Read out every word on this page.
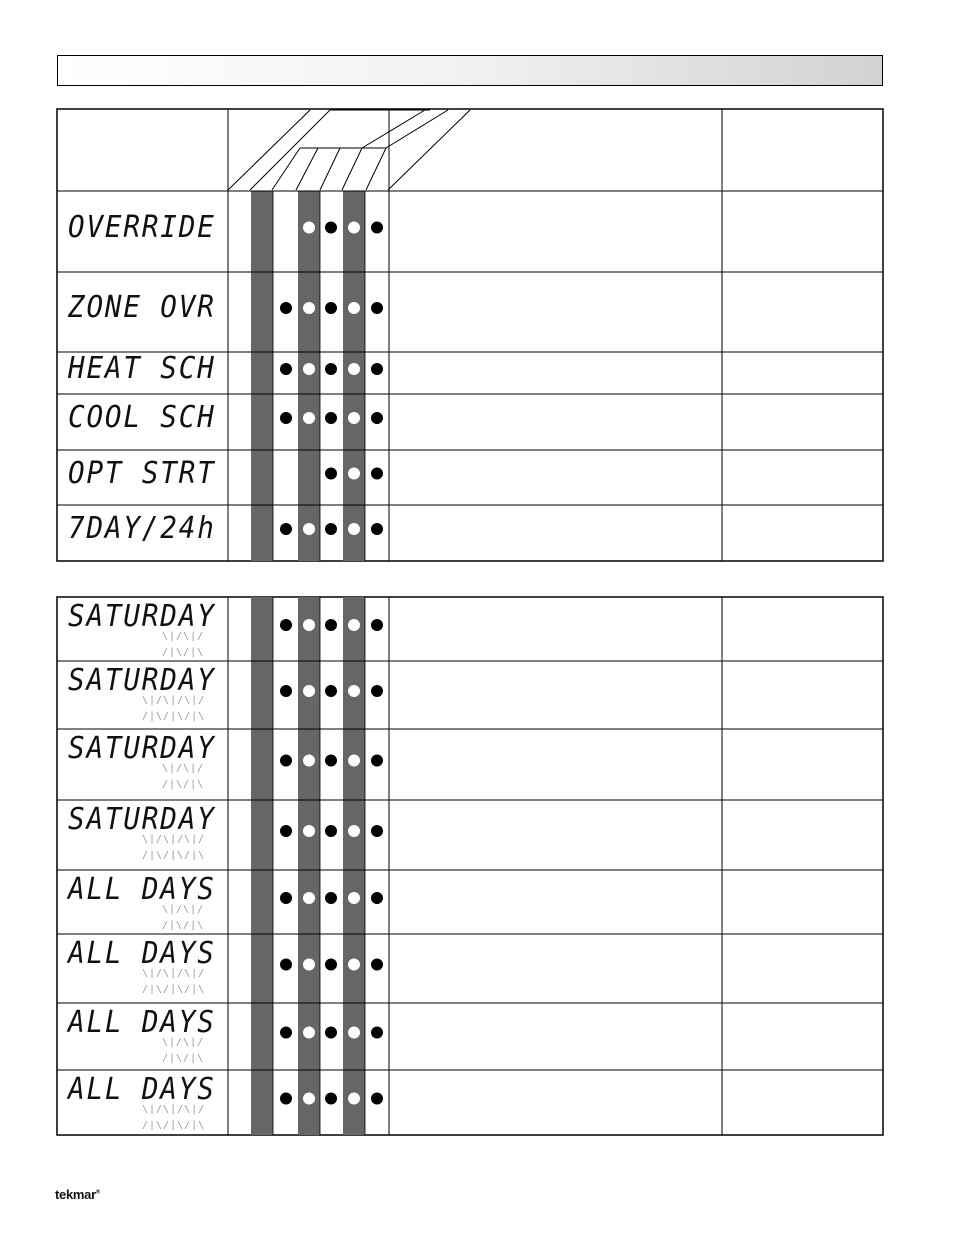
OVERRIDE
ZONE OVR
HEAT SCH
COOL SCH
OPT STRT
7DAY/24h
SATURDAY
\|/\|/
/|\/|\
SATURDAY
\|/\|/\|/
/|\/|\/|\
SATURDAY
\|/\|/
/|\/|\
SATURDAY
\|/\|/\|/
/|\/|\/|\
ALL DAYS
\|/\|/
/|\/|\
ALL DAYS
\|/\|/\|/
/|\/|\/|\
ALL DAYS
\|/\|/
/|\/|\
ALL DAYS
\|/\|/\|/
/|\/|\/|\
tekmar®
